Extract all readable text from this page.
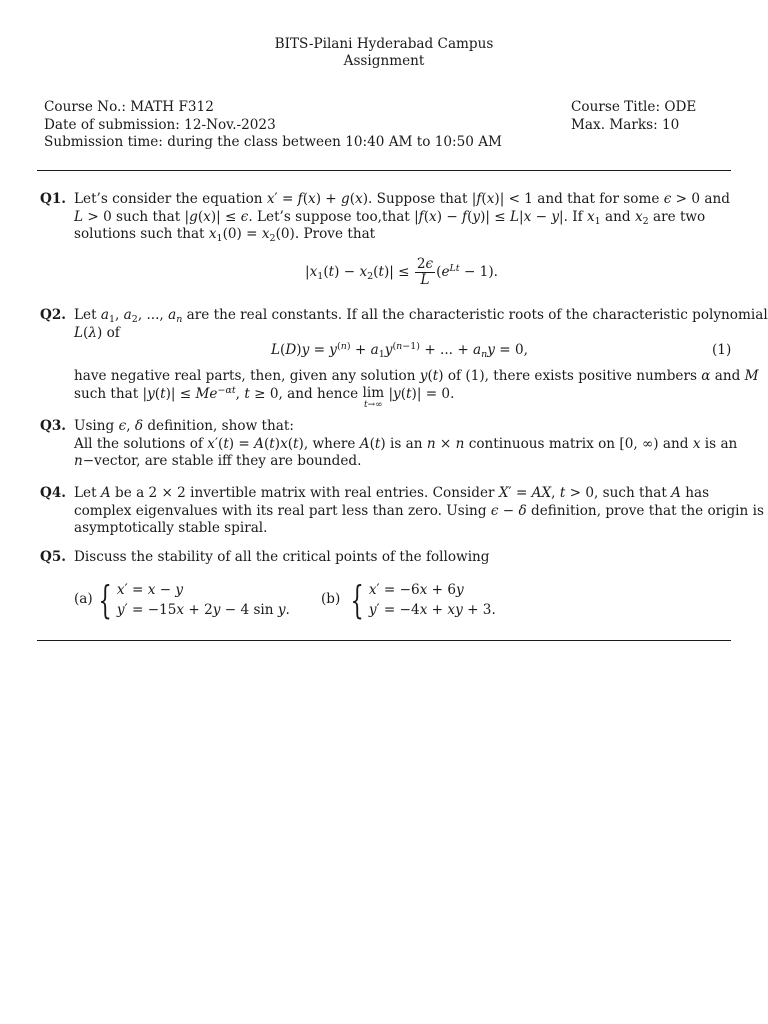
BITS-Pilani Hyderabad Campus
Assignment
Course No.: MATH F312
Date of submission: 12-Nov.-2023
Submission time: during the class between 10:40 AM to 10:50 AM
Course Title: ODE
Max. Marks: 10
Q1. Let’s consider the equation x′ = f(x) + g(x). Suppose that |f(x)| < 1 and that for some ϵ > 0 and
L > 0 such that |g(x)| ≤ ϵ. Let’s suppose too,that |f(x) − f(y)| ≤ L|x − y|. If $x_1$ and $x_2$ are two
solutions such that $x_1(0) = x_2(0)$. Prove that
$|x_1(t) - x_2(t)| \le \frac{2\epsilon}{L} (e^{Lt} - 1)$.
Q2. Let $a_1$, $a_2$, ..., $a_n$ are the real constants. If all the characteristic roots of the characteristic polynomial
L(λ) of
$L(D)y = y^{(n)} + a_1y^{(n-1)}$ + ... + $a_ny = 0$,	(1)
have negative real parts, then, given any solution y(t) of (1), there exists positive numbers α and M
such that $|y(t)| \le Me^{-\alpha t}$, t ≥ 0, and hence lim
t→∞
|y(t)| = 0.
Q3. Using ϵ, δ definition, show that:
All the solutions of x′(t) = A(t)x(t), where A(t) is an n × n continuous matrix on [0, ∞) and x is an
n−vector, are stable iff they are bounded.
Q4. Let A be a 2 × 2 invertible matrix with real entries. Consider X′ = AX, t > 0, such that A has
complex eigenvalues with its real part less than zero. Using ϵ − δ definition, prove that the origin is
asymptotically stable spiral.
Q5. Discuss the stability of all the critical points of the following
(a) { x′ = x − y
y′ = −15x + 2y − 4 sin y.
(b) { x′ = −6x + 6y
y′ = −4x + xy + 3.
